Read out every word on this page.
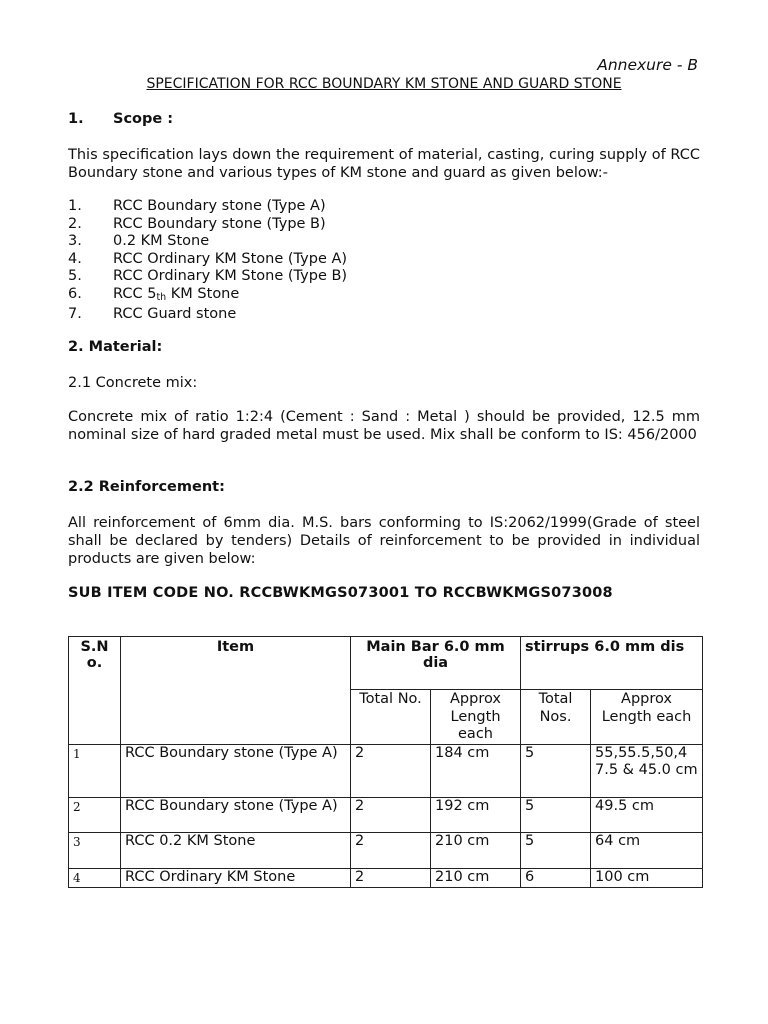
Annexure - B
SPECIFICATION FOR RCC BOUNDARY KM STONE AND GUARD STONE
1. Scope :
This specification lays down the requirement of material, casting, curing supply of RCC Boundary stone and various types of KM stone and guard as given below:-
1.	RCC Boundary stone (Type A)
2.	RCC Boundary stone (Type B)
3.	0.2 KM Stone
4.	RCC Ordinary KM Stone (Type A)
5.	RCC Ordinary KM Stone (Type B)
6.	RCC $5_{th}$ KM Stone
7.	RCC Guard stone
2. Material:
2.1 Concrete mix:
Concrete mix of ratio 1:2:4 (Cement : Sand : Metal ) should be provided, 12.5 mm nominal size of hard graded metal must be used. Mix shall be conform to IS: 456/2000
2.2 Reinforcement:
All reinforcement of 6mm dia. M.S. bars conforming to IS:2062/1999(Grade of steel shall be declared by tenders) Details of reinforcement to be provided in individual products are given below:
SUB ITEM CODE NO. RCCBWKMGS073001 TO RCCBWKMGS073008
S.N o.	Item	Main Bar 6.0 mm dia		stirrups 6.0 mm dis	
		Total No.	Approx Length each	Total Nos.	Approx Length each
1	RCC Boundary stone (Type A)	2	184 cm	5	55,55.5,50,47.5 & 45.0 cm
2	RCC Boundary stone (Type A)	2	192 cm	5	49.5 cm
3	RCC 0.2 KM Stone	2	210 cm	5	64 cm
4	RCC Ordinary KM Stone	2	210 cm	6	100 cm
